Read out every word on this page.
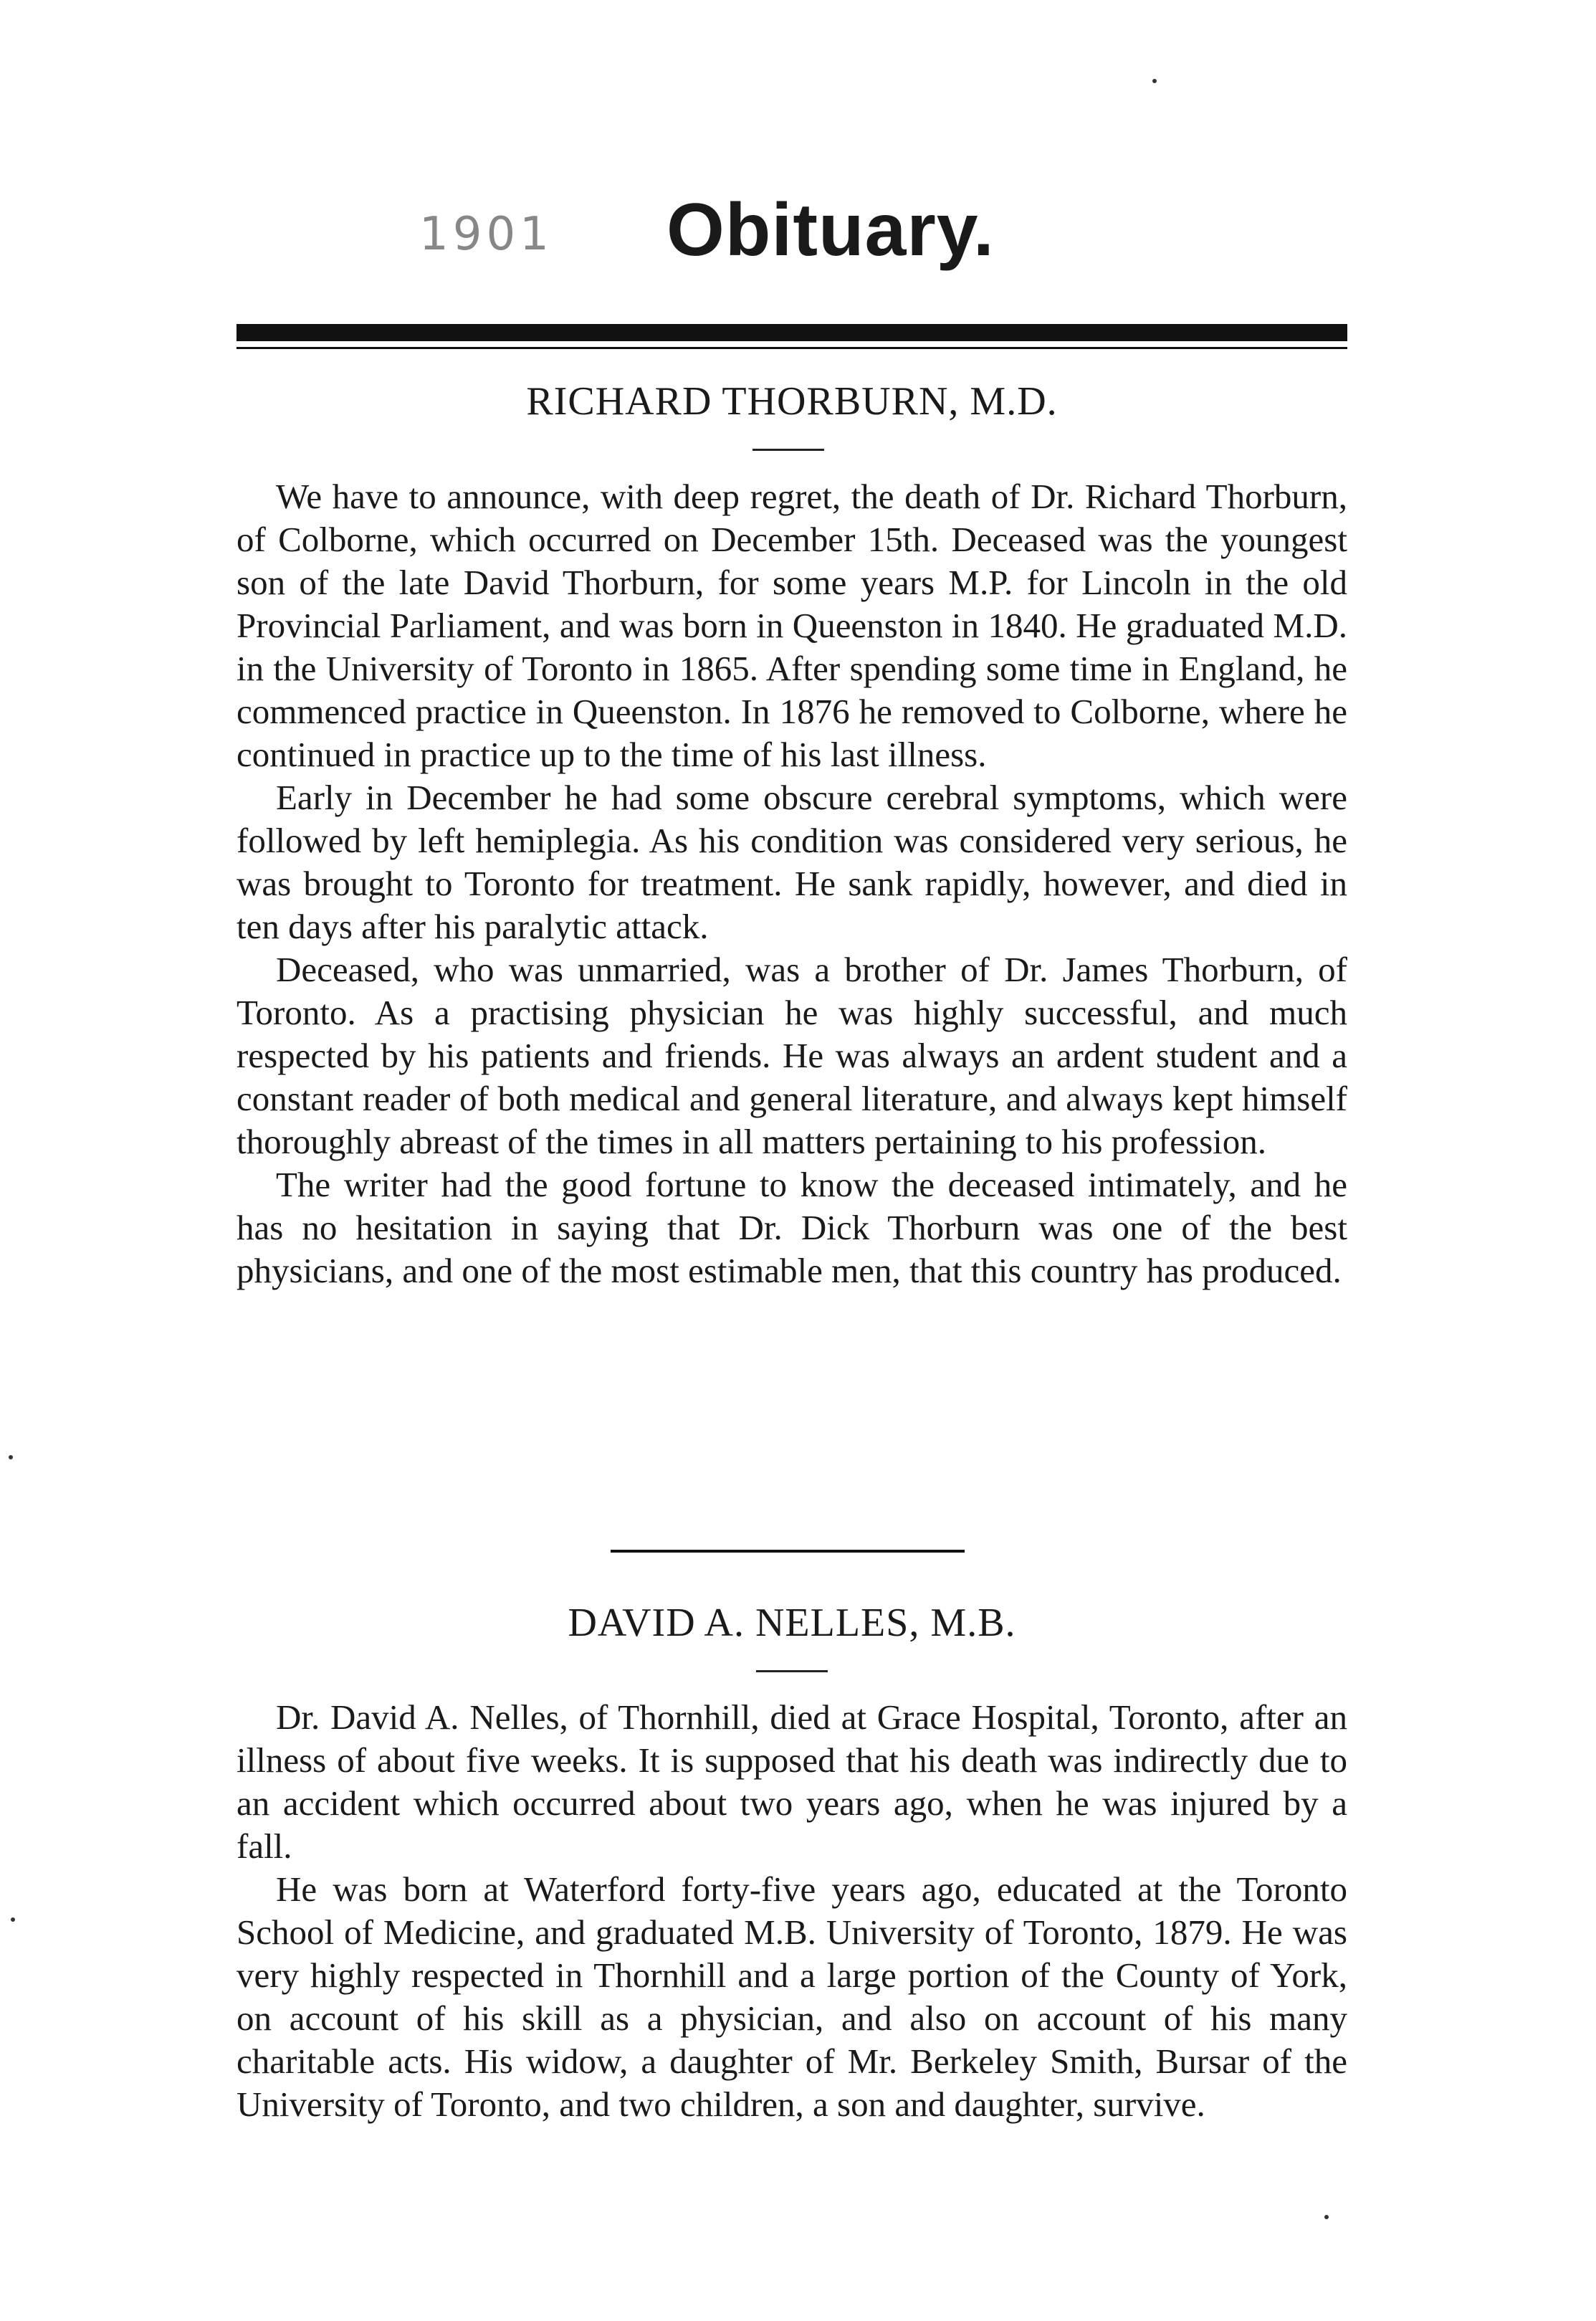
1901 Obituary.
RICHARD THORBURN, M.D.

We have to announce, with deep regret, the death of Dr. Richard Thorburn, of Colborne, which occurred on December 15th. Deceased was the youngest son of the late David Thorburn, for some years M.P. for Lincoln in the old Provincial Parliament, and was born in Queenston in 1840. He graduated M.D. in the University of Toronto in 1865. After spending some time in England, he commenced practice in Queenston. In 1876 he removed to Colborne, where he continued in practice up to the time of his last illness.

Early in December he had some obscure cerebral symptoms, which were followed by left hemiplegia. As his condition was considered very serious, he was brought to Toronto for treatment. He sank rapidly, however, and died in ten days after his paralytic attack.

Deceased, who was unmarried, was a brother of Dr. James Thorburn, of Toronto. As a practising physician he was highly successful, and much respected by his patients and friends. He was always an ardent student and a constant reader of both medical and general literature, and always kept himself thoroughly abreast of the times in all matters pertaining to his profession.

The writer had the good fortune to know the deceased intimately, and he has no hesitation in saying that Dr. Dick Thorburn was one of the best physicians, and one of the most estimable men, that this country has produced.

DAVID A. NELLES, M.B.

Dr. David A. Nelles, of Thornhill, died at Grace Hospital, Toronto, after an illness of about five weeks. It is supposed that his death was indirectly due to an accident which occurred about two years ago, when he was injured by a fall.

He was born at Waterford forty-five years ago, educated at the Toronto School of Medicine, and graduated M.B. University of Toronto, 1879. He was very highly respected in Thornhill and a large portion of the County of York, on account of his skill as a physician, and also on account of his many charitable acts. His widow, a daughter of Mr. Berkeley Smith, Bursar of the University of Toronto, and two children, a son and daughter, survive.
